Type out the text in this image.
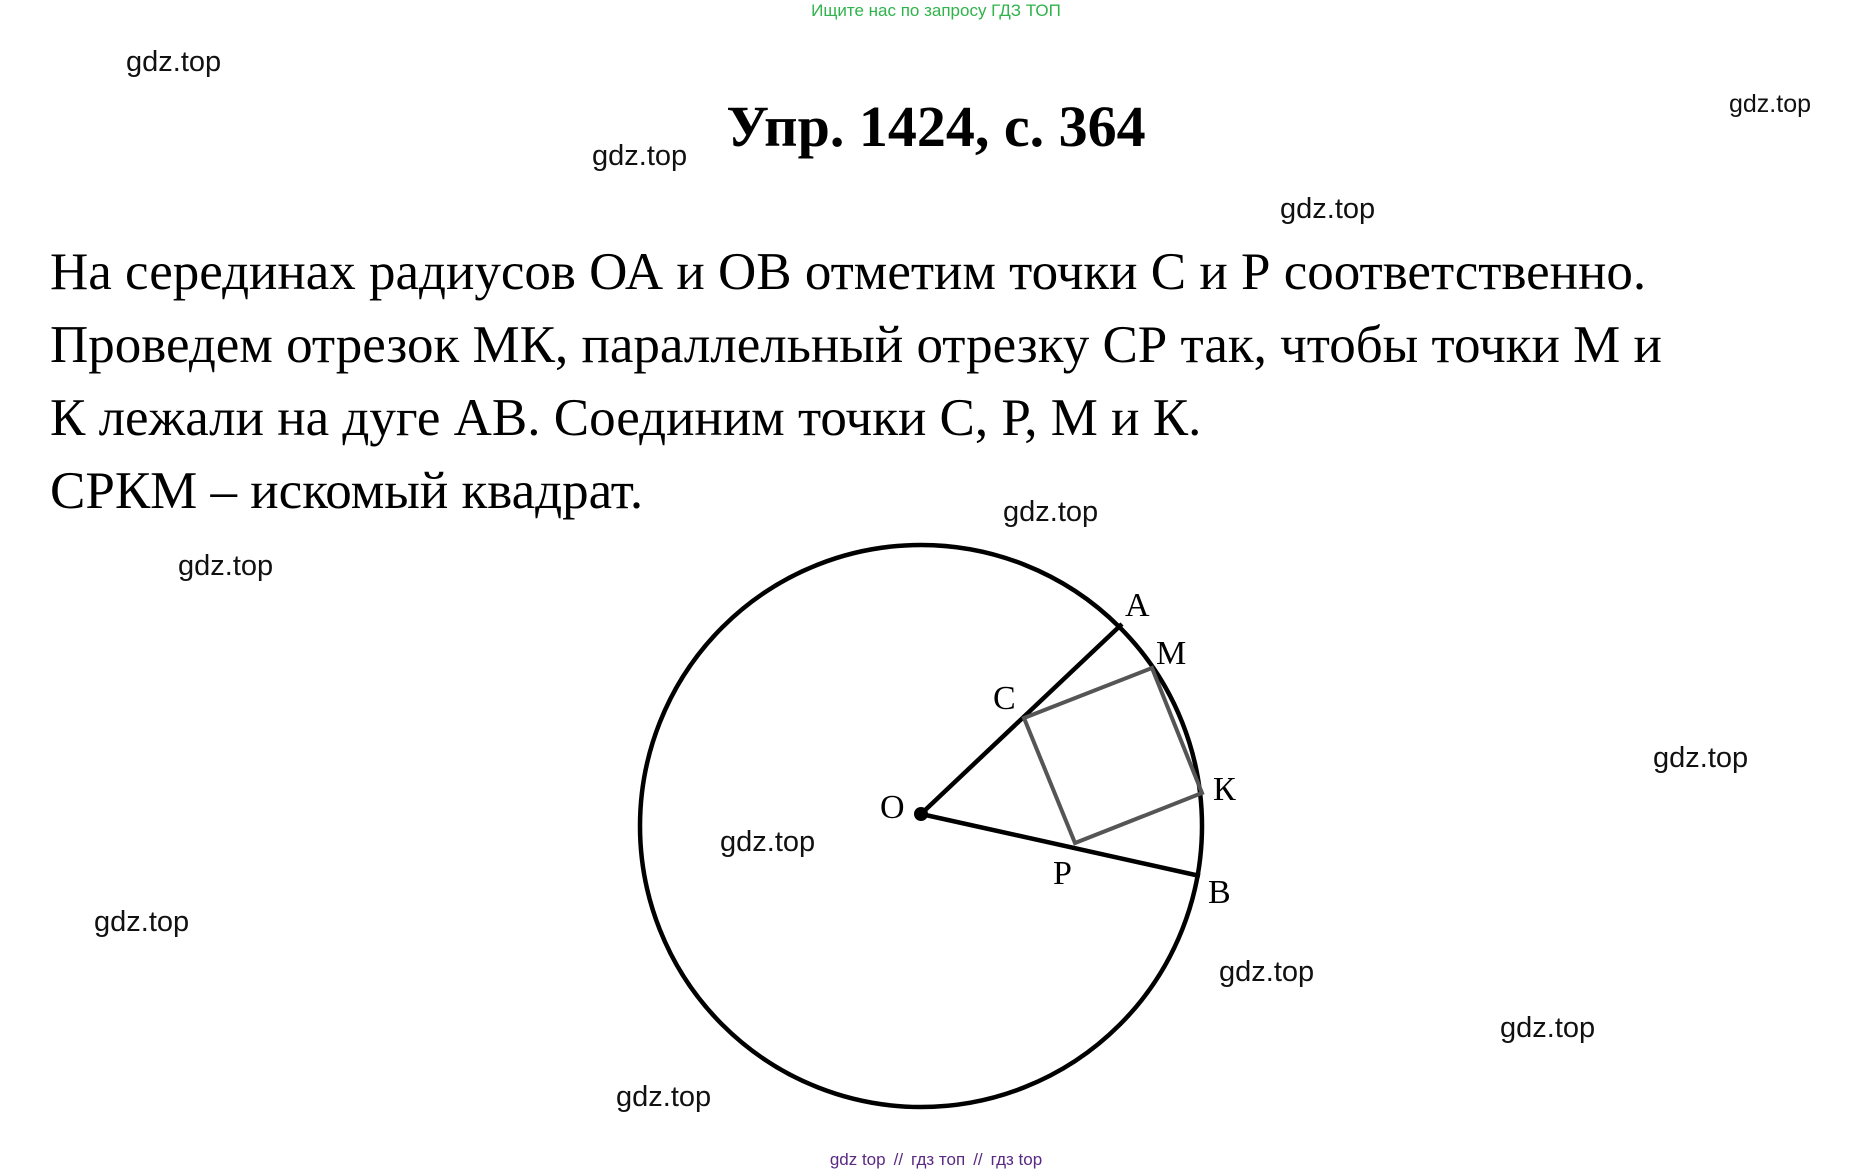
Ищите нас по запросу ГДЗ ТОП
Упр. 1424, с. 364
На серединах радиусов ОА и ОВ отметим точки С и Р соответственно.
Проведем отрезок МК, параллельный отрезку СР так, чтобы точки М и
К лежали на дуге АВ. Соединим точки С, Р, М и К.
СРКМ – искомый квадрат.
gdz.top
gdz.top
gdz.top
gdz.top
gdz.top
gdz.top
gdz.top
gdz.top
gdz.top
gdz.top
gdz.top
gdz.top
O
A
M
C
К
P
B
gdz top // гдз топ // гдз top
